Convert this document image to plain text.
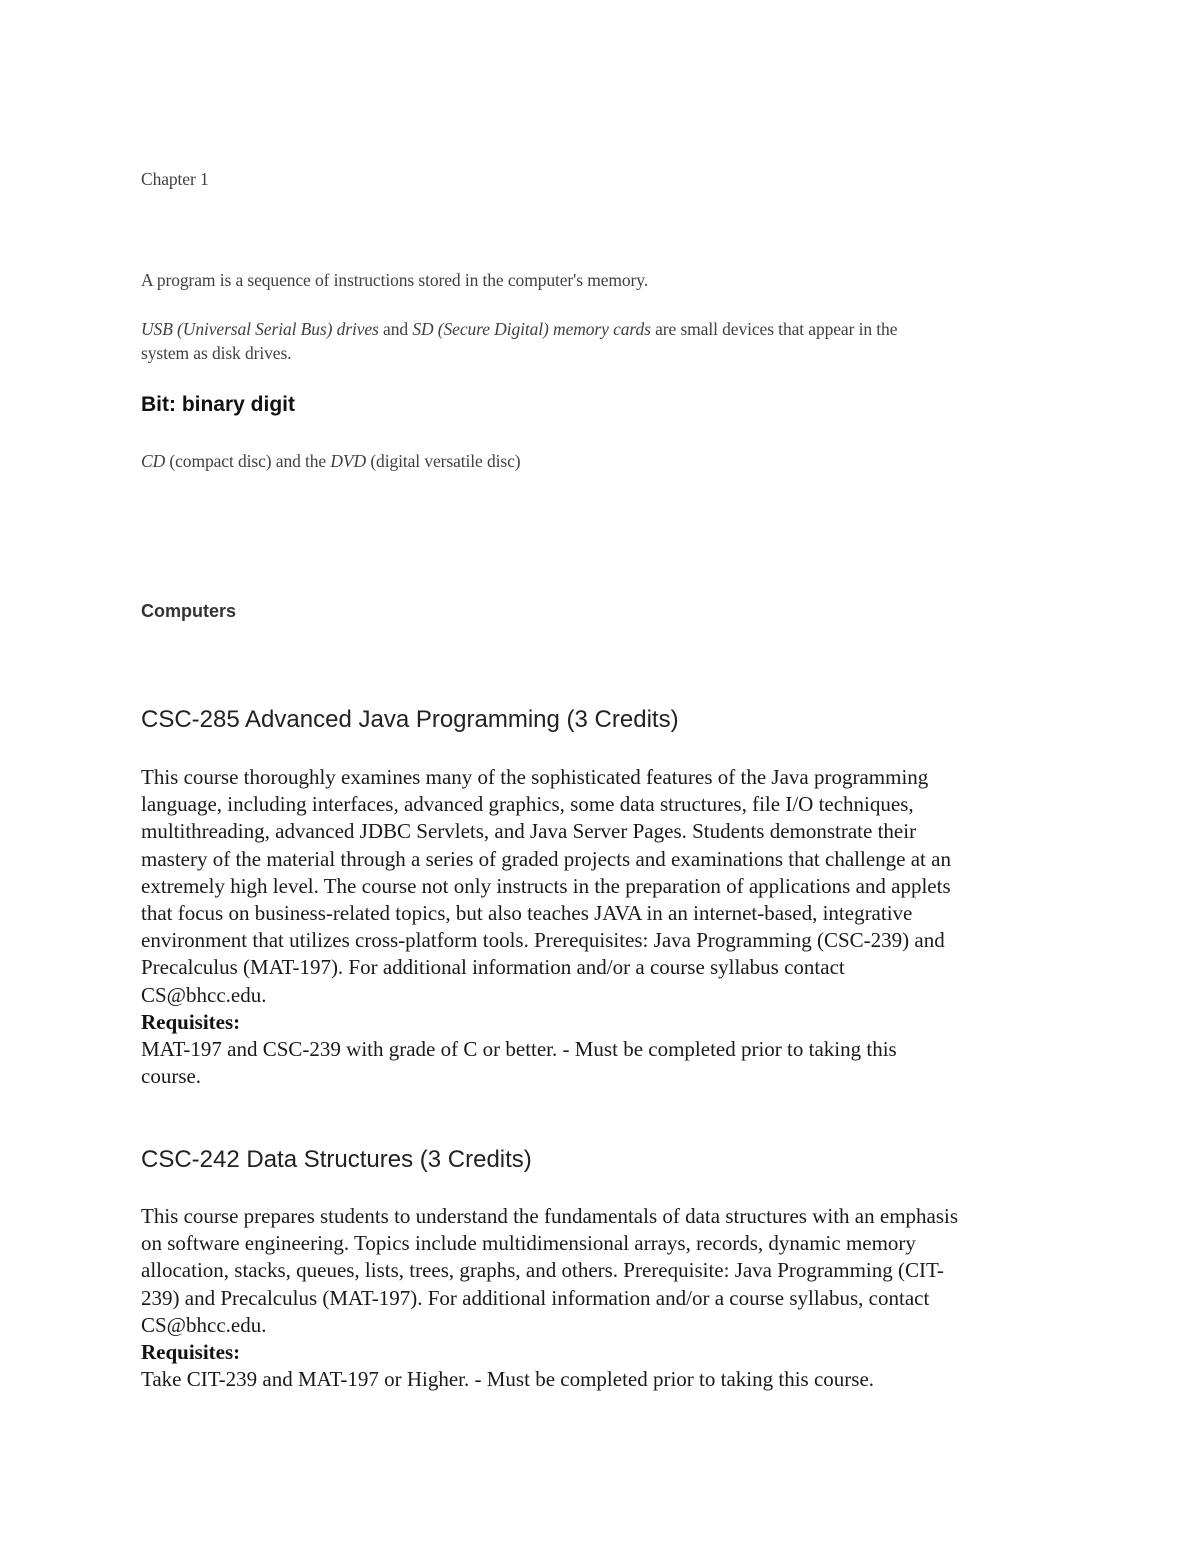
Chapter 1

A program is a sequence of instructions stored in the computer's memory.

USB (Universal Serial Bus) drives and SD (Secure Digital) memory cards are small devices that appear in the

system as disk drives.

Bit: binary digit

CD (compact disc) and the DVD (digital versatile disc)

Computers

CSC-285 Advanced Java Programming (3 Credits)
This course thoroughly examines many of the sophisticated features of the Java programming
language, including interfaces, advanced graphics, some data structures, file I/O techniques,
multithreading, advanced JDBC Servlets, and Java Server Pages. Students demonstrate their
mastery of the material through a series of graded projects and examinations that challenge at an
extremely high level. The course not only instructs in the preparation of applications and applets
that focus on business-related topics, but also teaches JAVA in an internet-based, integrative
environment that utilizes cross-platform tools. Prerequisites: Java Programming (CSC-239) and
Precalculus (MAT-197). For additional information and/or a course syllabus contact
CS@bhcc.edu.
Requisites:
MAT-197 and CSC-239 with grade of C or better. - Must be completed prior to taking this
course.
CSC-242 Data Structures (3 Credits)
This course prepares students to understand the fundamentals of data structures with an emphasis
on software engineering. Topics include multidimensional arrays, records, dynamic memory
allocation, stacks, queues, lists, trees, graphs, and others. Prerequisite: Java Programming (CIT-
239) and Precalculus (MAT-197). For additional information and/or a course syllabus, contact
CS@bhcc.edu.
Requisites:
Take CIT-239 and MAT-197 or Higher. - Must be completed prior to taking this course.
